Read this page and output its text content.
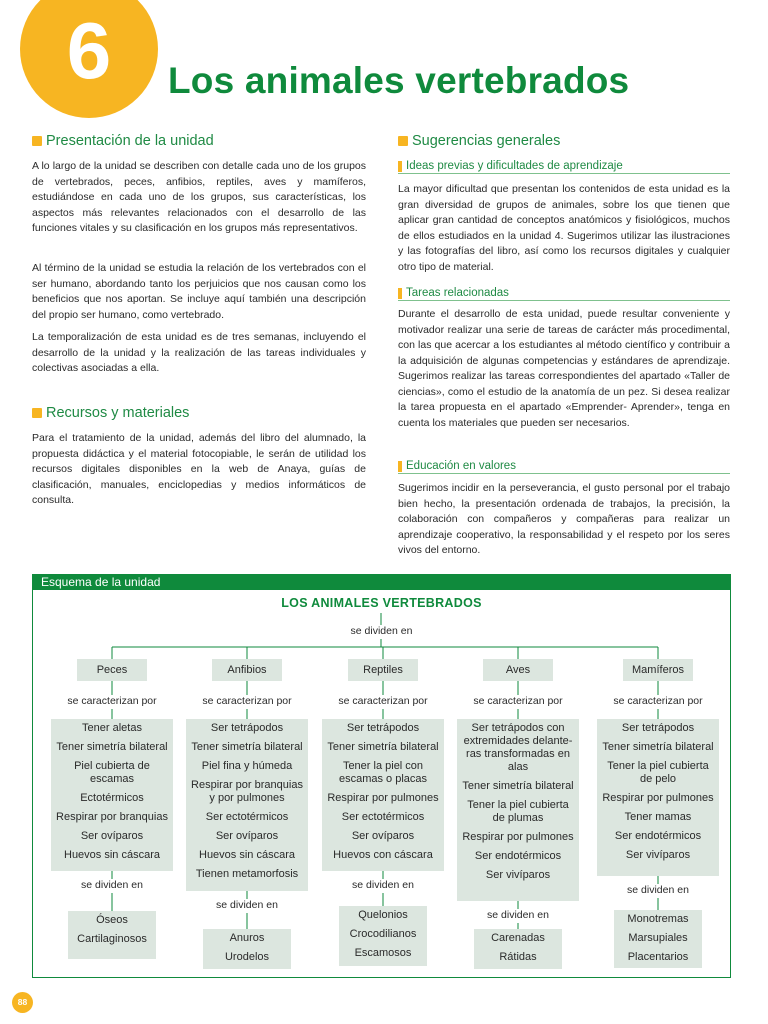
6	Los animales vertebrados
Presentación de la unidad
A lo largo de la unidad se describen con detalle cada uno de los grupos de vertebrados, peces, anfibios, reptiles, aves y mamíferos, estudiándose en cada uno de los grupos, sus características, los aspectos más relevantes relacionados con el desarrollo de las funciones vitales y su clasificación en los grupos más representativos.
Al término de la unidad se estudia la relación de los vertebrados con el ser humano, abordando tanto los perjuicios que nos causan como los beneficios que nos aportan. Se incluye aquí también una descripción del propio ser humano, como vertebrado.
La temporalización de esta unidad es de tres semanas, incluyendo el desarrollo de la unidad y la realización de las tareas individuales y colectivas asociadas a ella.
Recursos y materiales
Para el tratamiento de la unidad, además del libro del alumnado, la propuesta didáctica y el material fotocopiable, le serán de utilidad los recursos digitales disponibles en la web de Anaya, guías de clasificación, manuales, enciclopedias y medios informáticos de consulta.
Sugerencias generales
Ideas previas y dificultades de aprendizaje
La mayor dificultad que presentan los contenidos de esta unidad es la gran diversidad de grupos de animales, sobre los que tienen que aplicar gran cantidad de conceptos anatómicos y fisiológicos, muchos de ellos estudiados en la unidad 4. Sugerimos utilizar las ilustraciones y las fotografías del libro, así como los recursos digitales y cualquier otro tipo de material.
Tareas relacionadas
Durante el desarrollo de esta unidad, puede resultar conveniente y motivador realizar una serie de tareas de carácter más procedimental, con las que acercar a los estudiantes al método científico y contribuir a la adquisición de algunas competencias y estándares de aprendizaje. Sugerimos realizar las tareas correspondientes del apartado «Taller de ciencias», como el estudio de la anatomía de un pez. Si desea realizar la tarea propuesta en el apartado «Emprender- Aprender», tenga en cuenta los materiales que pueden ser necesarios.
Educación en valores
Sugerimos incidir en la perseverancia, el gusto personal por el trabajo bien hecho, la presentación ordenada de trabajos, la precisión, la colaboración con compañeros y compañeras para realizar un aprendizaje cooperativo, la responsabilidad y el respeto por los seres vivos del entorno.
Esquema de la unidad
LOS ANIMALES VERTEBRADOS
se dividen en
Peces
se caracterizan por
Tener aletas
Tener simetría bilateral
Piel cubierta de
escamas
Ectotérmicos
Respirar por branquias
Ser ovíparos
Huevos sin cáscara
se dividen en
Óseos
Cartilaginosos
Anfibios
se caracterizan por
Ser tetrápodos
Tener simetría bilateral
Piel fina y húmeda
Respirar por branquias
y por pulmones
Ser ectotérmicos
Ser ovíparos
Huevos sin cáscara
Tienen metamorfosis
se dividen en
Anuros
Urodelos
Reptiles
se caracterizan por
Ser tetrápodos
Tener simetría bilateral
Tener la piel con
escamas o placas
Respirar por pulmones
Ser ectotérmicos
Ser ovíparos
Huevos con cáscara
se dividen en
Quelonios
Crocodilianos
Escamosos
Aves
se caracterizan por
Ser tetrápodos con
extremidades delante-
ras transformadas en
alas
Tener simetría bilateral
Tener la piel cubierta
de plumas
Respirar por pulmones
Ser endotérmicos
Ser vivíparos
se dividen en
Carenadas
Rátidas
Mamíferos
se caracterizan por
Ser tetrápodos
Tener simetría bilateral
Tener la piel cubierta
de pelo
Respirar por pulmones
Tener mamas
Ser endotérmicos
Ser vivíparos
se dividen en
Monotremas
Marsupiales
Placentarios
88
